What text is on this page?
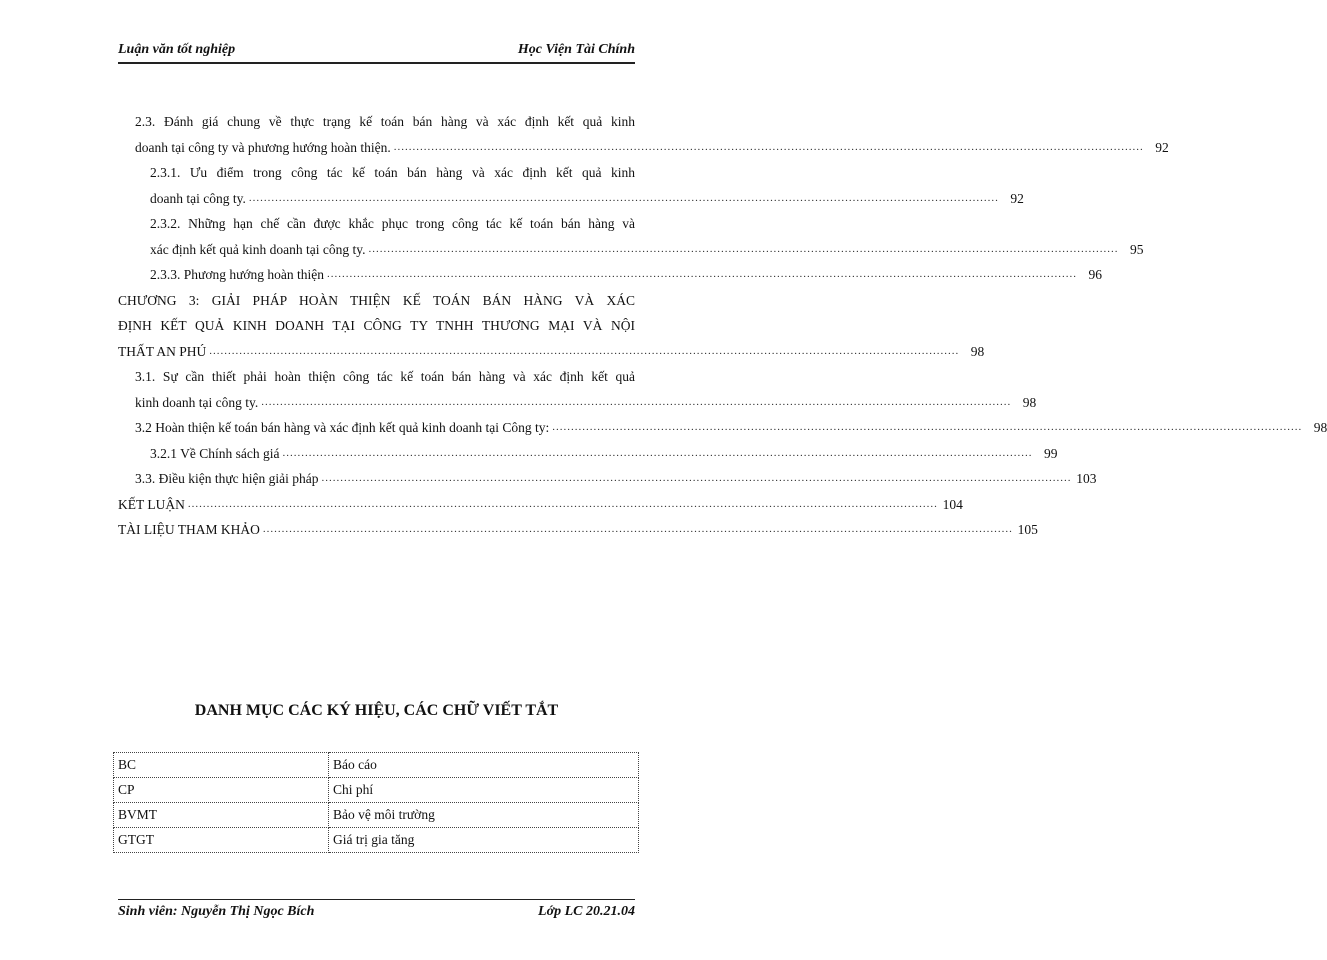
Luận văn tốt nghiệp	Học Viện Tài Chính
2.3. Đánh giá chung về thực trạng kế toán bán hàng và xác định kết quả kinh
doanh tại công ty và phương hướng hoàn thiện. ........................................................................................................................................................................................................ 92
2.3.1. Ưu điểm trong công tác kế toán bán hàng và xác định kết quả kinh
doanh tại công ty. ........................................................................................................................................................................................................ 92
2.3.2. Những hạn chế cần được khắc phục trong công tác kế toán bán hàng và
xác định kết quả kinh doanh tại công ty. ........................................................................................................................................................................................................ 95
2.3.3. Phương hướng hoàn thiện ........................................................................................................................................................................................................ 96
CHƯƠNG 3: GIẢI PHÁP HOÀN THIỆN KẾ TOÁN BÁN HÀNG VÀ XÁC
ĐỊNH KẾT QUẢ KINH DOANH TẠI CÔNG TY TNHH THƯƠNG MẠI VÀ NỘI
THẤT AN PHÚ ........................................................................................................................................................................................................ 98
3.1. Sự cần thiết phải hoàn thiện công tác kế toán bán hàng và xác định kết quả
kinh doanh tại công ty. ........................................................................................................................................................................................................ 98
3.2 Hoàn thiện kế toán bán hàng và xác định kết quả kinh doanh tại Công ty: ........................................................................................................................................................................................................ 98
3.2.1 Về Chính sách giá ........................................................................................................................................................................................................ 99
3.3. Điều kiện thực hiện giải pháp ........................................................................................................................................................................................................ 103
KẾT LUẬN ........................................................................................................................................................................................................ 104
TÀI LIỆU THAM KHẢO ........................................................................................................................................................................................................ 105
DANH MỤC CÁC KÝ HIỆU, CÁC CHỮ VIẾT TẮT
BC	Báo cáo
CP	Chi phí
BVMT	Bảo vệ môi trường
GTGT	Giá trị gia tăng
Sinh viên: Nguyễn Thị Ngọc Bích	Lớp LC 20.21.04
